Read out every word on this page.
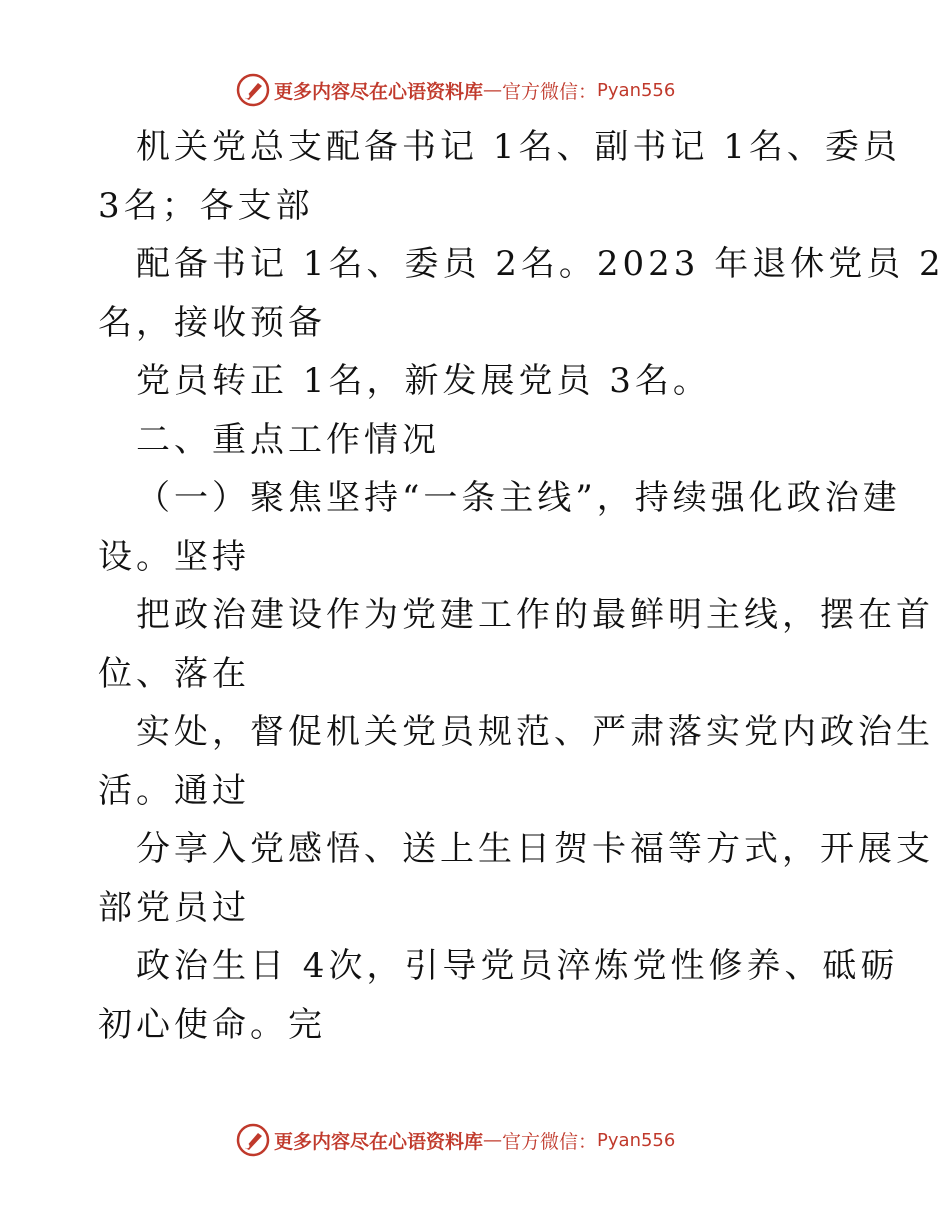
更多内容尽在心语资料库 — 官方微信： Pyan556
机关党总支配备书记 1名、副书记 1名、委员
3名；各支部
配备书记 1名、委员 2名。2023 年退休党员 2
名，接收预备
党员转正 1名，新发展党员 3名。
二、重点工作情况
（一）聚焦坚持“一条主线”，持续强化政治建
设。坚持
把政治建设作为党建工作的最鲜明主线，摆在首
位、落在
实处，督促机关党员规范、严肃落实党内政治生
活。通过
分享入党感悟、送上生日贺卡福等方式，开展支
部党员过
政治生日 4次，引导党员淬炼党性修养、砥砺
初心使命。完
更多内容尽在心语资料库 — 官方微信： Pyan556
